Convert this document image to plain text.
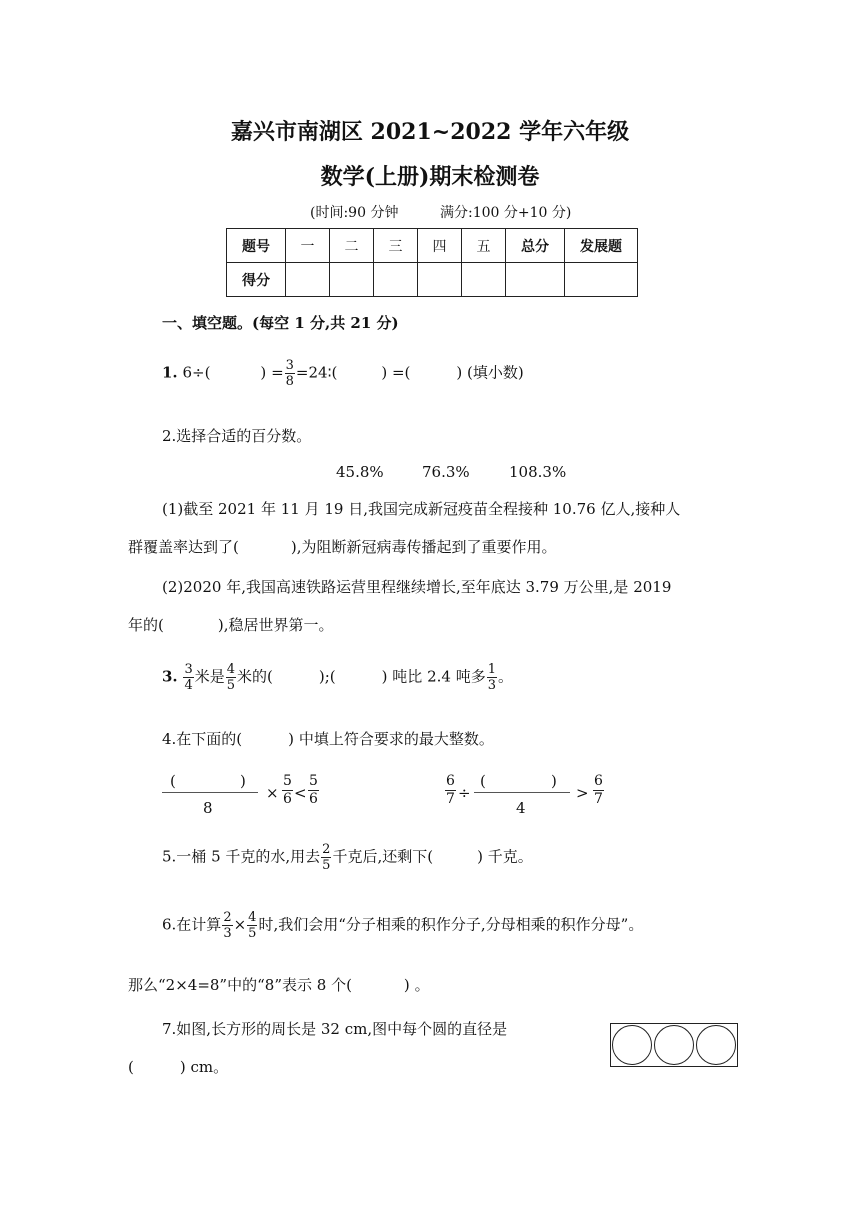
嘉兴市南湖区 2021~2022 学年六年级
数学(上册)期末检测卷
(时间:90 分钟	满分:100 分+10 分)
题号	一	二	三	四	五	总分	发展题
得分							
一、填空题。(每空 1 分,共 21 分)
1. 6÷(	) = $\frac{3}{8}$ =24∶(	) =(	) (填小数)
2.选择合适的百分数。
45.8%	76.3%	108.3%
(1)截至 2021 年 11 月 19 日,我国完成新冠疫苗全程接种 10.76 亿人,接种人
群覆盖率达到了(	),为阻断新冠病毒传播起到了重要作用。
(2)2020 年,我国高速铁路运营里程继续增长,至年底达 3.79 万公里,是 2019
年的(	),稳居世界第一。
3. $\frac{3}{4}$ 米是 $\frac{4}{5}$ 米的(	);(	) 吨比 2.4 吨多 $\frac{1}{3}$ 。
4.在下面的(	) 中填上符合要求的最大整数。
(	)
8
× $\frac{5}{6} < \frac{5}{6}$	$\frac{6}{7}$ ÷
(	)
4
> $\frac{6}{7}$
5.一桶 5 千克的水,用去 $\frac{2}{5}$ 千克后,还剩下(	) 千克。
6.在计算 $\frac{2}{3} \times \frac{4}{5}$ 时,我们会用“分子相乘的积作分子,分母相乘的积作分母”。
那么“2×4=8”中的“8”表示 8 个(	) 。
7.如图,长方形的周长是 32 cm,图中每个圆的直径是
(	) cm。
